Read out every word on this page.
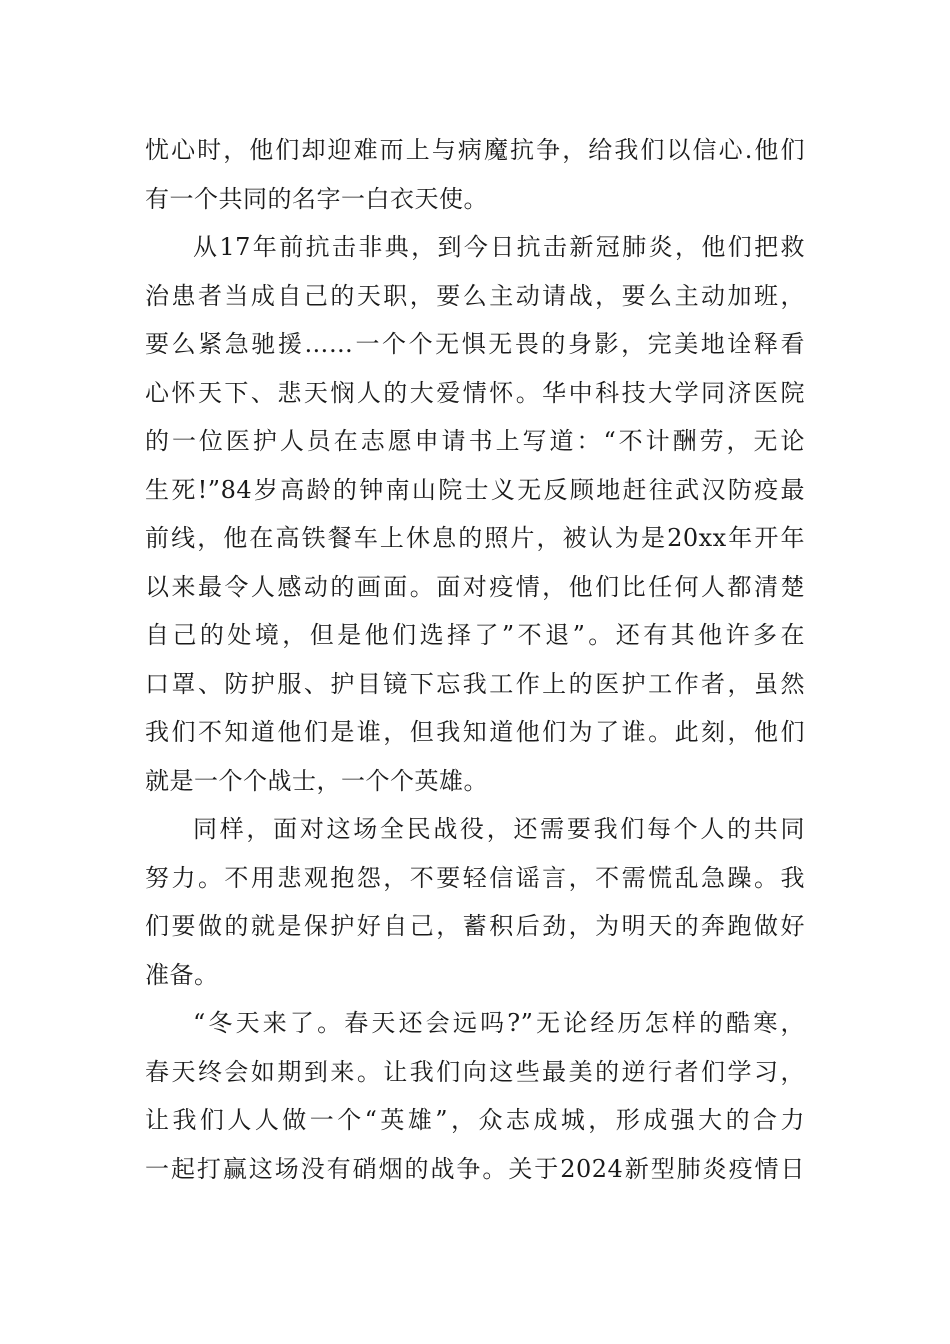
忧心时，他们却迎难而上与病魔抗争，给我们以信心.他们
有一个共同的名字一白衣天使。
从17年前抗击非典，到今日抗击新冠肺炎，他们把救
治患者当成自己的天职，要么主动请战，要么主动加班，
要么紧急驰援……一个个无惧无畏的身影，完美地诠释看
心怀天下、悲天悯人的大爱情怀。华中科技大学同济医院
的一位医护人员在志愿申请书上写道：“不计酬劳，无论
生死!”84岁高龄的钟南山院士义无反顾地赶往武汉防疫最
前线，他在高铁餐车上休息的照片，被认为是20xx年开年
以来最令人感动的画面。面对疫情，他们比任何人都清楚
自己的处境，但是他们选择了”不退”。还有其他许多在
口罩、防护服、护目镜下忘我工作上的医护工作者，虽然
我们不知道他们是谁，但我知道他们为了谁。此刻，他们
就是一个个战士，一个个英雄。
同样，面对这场全民战役，还需要我们每个人的共同
努力。不用悲观抱怨，不要轻信谣言，不需慌乱急躁。我
们要做的就是保护好自己，蓄积后劲，为明天的奔跑做好
准备。
“冬天来了。春天还会远吗?”无论经历怎样的酷寒，
春天终会如期到来。让我们向这些最美的逆行者们学习，
让我们人人做一个“英雄”，众志成城，形成强大的合力
一起打赢这场没有硝烟的战争。关于2024新型肺炎疫情日
